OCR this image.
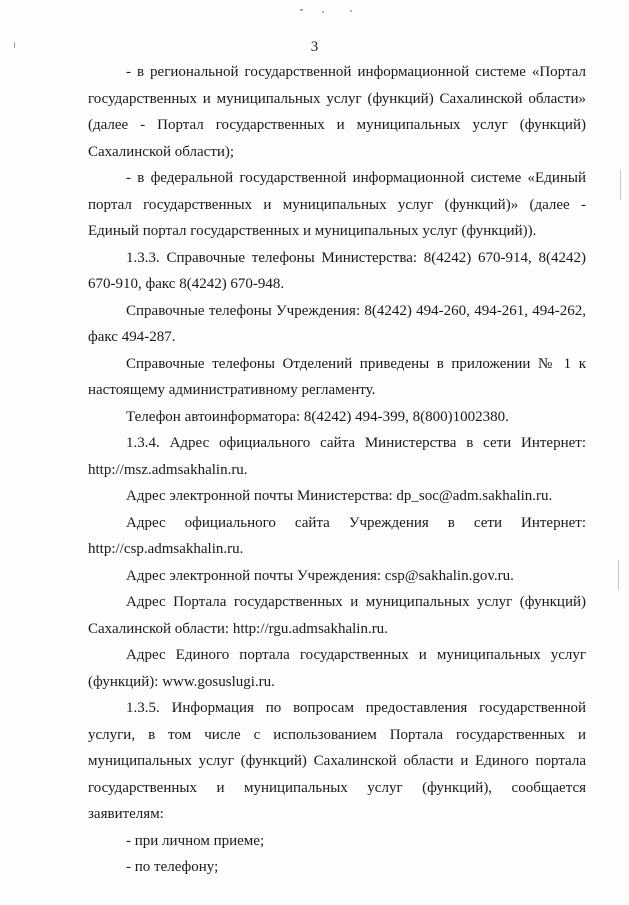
3

- в региональной государственной информационной системе «Портал государственных и муниципальных услуг (функций) Сахалинской области» (далее - Портал государственных и муниципальных услуг (функций) Сахалинской области);

- в федеральной государственной информационной системе «Единый портал государственных и муниципальных услуг (функций)» (далее - Единый портал государственных и муниципальных услуг (функций)).

1.3.3. Справочные телефоны Министерства: 8(4242) 670-914, 8(4242) 670-910, факс 8(4242) 670-948.

Справочные телефоны Учреждения: 8(4242) 494-260, 494-261, 494-262, факс 494-287.

Справочные телефоны Отделений приведены в приложении № 1 к настоящему административному регламенту.

Телефон автоинформатора: 8(4242) 494-399, 8(800)1002380.

1.3.4. Адрес официального сайта Министерства в сети Интернет: http://msz.admsakhalin.ru.

Адрес электронной почты Министерства: dp_soc@adm.sakhalin.ru.

Адрес официального сайта Учреждения в сети Интернет: http://csp.admsakhalin.ru.

Адрес электронной почты Учреждения: csp@sakhalin.gov.ru.

Адрес Портала государственных и муниципальных услуг (функций) Сахалинской области: http://rgu.admsakhalin.ru.

Адрес Единого портала государственных и муниципальных услуг (функций): www.gosuslugi.ru.

1.3.5. Информация по вопросам предоставления государственной услуги, в том числе с использованием Портала государственных и муниципальных услуг (функций) Сахалинской области и Единого портала государственных и муниципальных услуг (функций), сообщается заявителям:

- при личном приеме;

- по телефону;
